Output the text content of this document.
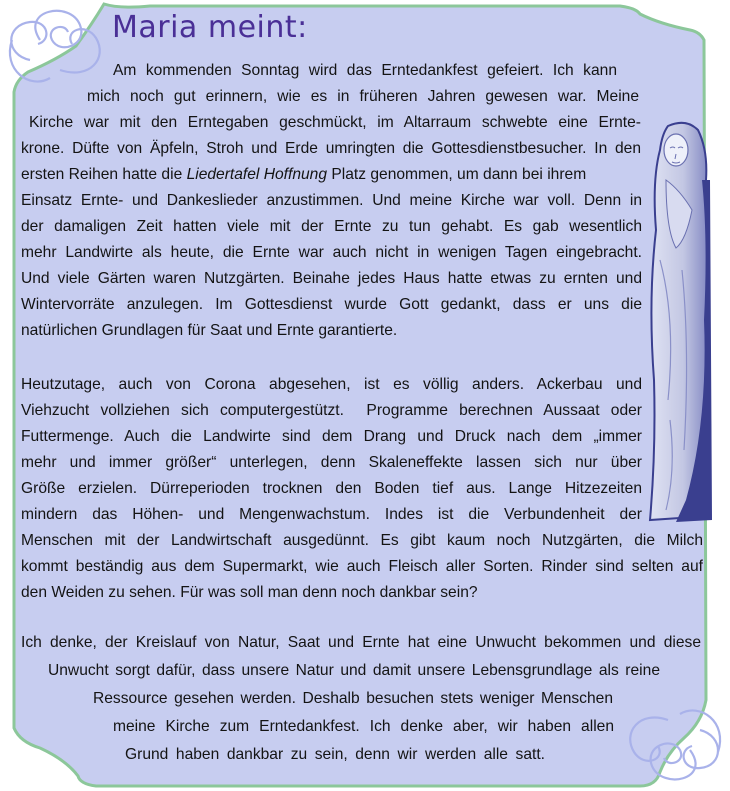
Maria meint:
Am kommenden Sonntag wird das Erntedankfest gefeiert. Ich kann
mich noch gut erinnern, wie es in früheren Jahren gewesen war. Meine
Kirche war mit den Erntegaben geschmückt, im Altarraum schwebte eine Ernte-
krone. Düfte von Äpfeln, Stroh und Erde umringten die Gottesdienstbesucher. In den
ersten Reihen hatte die Liedertafel Hoffnung Platz genommen, um dann bei ihrem
Einsatz Ernte- und Dankeslieder anzustimmen. Und meine Kirche war voll. Denn in
der damaligen Zeit hatten viele mit der Ernte zu tun gehabt. Es gab wesentlich
mehr Landwirte als heute, die Ernte war auch nicht in wenigen Tagen eingebracht.
Und viele Gärten waren Nutzgärten. Beinahe jedes Haus hatte etwas zu ernten und
Wintervorräte anzulegen. Im Gottesdienst wurde Gott gedankt, dass er uns die
natürlichen Grundlagen für Saat und Ernte garantierte.
Heutzutage, auch von Corona abgesehen, ist es völlig anders. Ackerbau und
Viehzucht vollziehen sich computergestützt.  Programme berechnen Aussaat oder
Futtermenge. Auch die Landwirte sind dem Drang und Druck nach dem „immer
mehr und immer größer“ unterlegen, denn Skaleneffekte lassen sich nur über
Größe erzielen. Dürreperioden trocknen den Boden tief aus. Lange Hitzezeiten
mindern das Höhen- und Mengenwachstum. Indes ist die Verbundenheit der
Menschen mit der Landwirtschaft ausgedünnt. Es gibt kaum noch Nutzgärten, die Milch
kommt beständig aus dem Supermarkt, wie auch Fleisch aller Sorten. Rinder sind selten auf
den Weiden zu sehen. Für was soll man denn noch dankbar sein?
Ich denke, der Kreislauf von Natur, Saat und Ernte hat eine Unwucht bekommen und diese
Unwucht sorgt dafür, dass unsere Natur und damit unsere Lebensgrundlage als reine
Ressource gesehen werden. Deshalb besuchen stets weniger Menschen
meine Kirche zum Erntedankfest. Ich denke aber, wir haben allen
Grund haben dankbar zu sein, denn wir werden alle satt.
